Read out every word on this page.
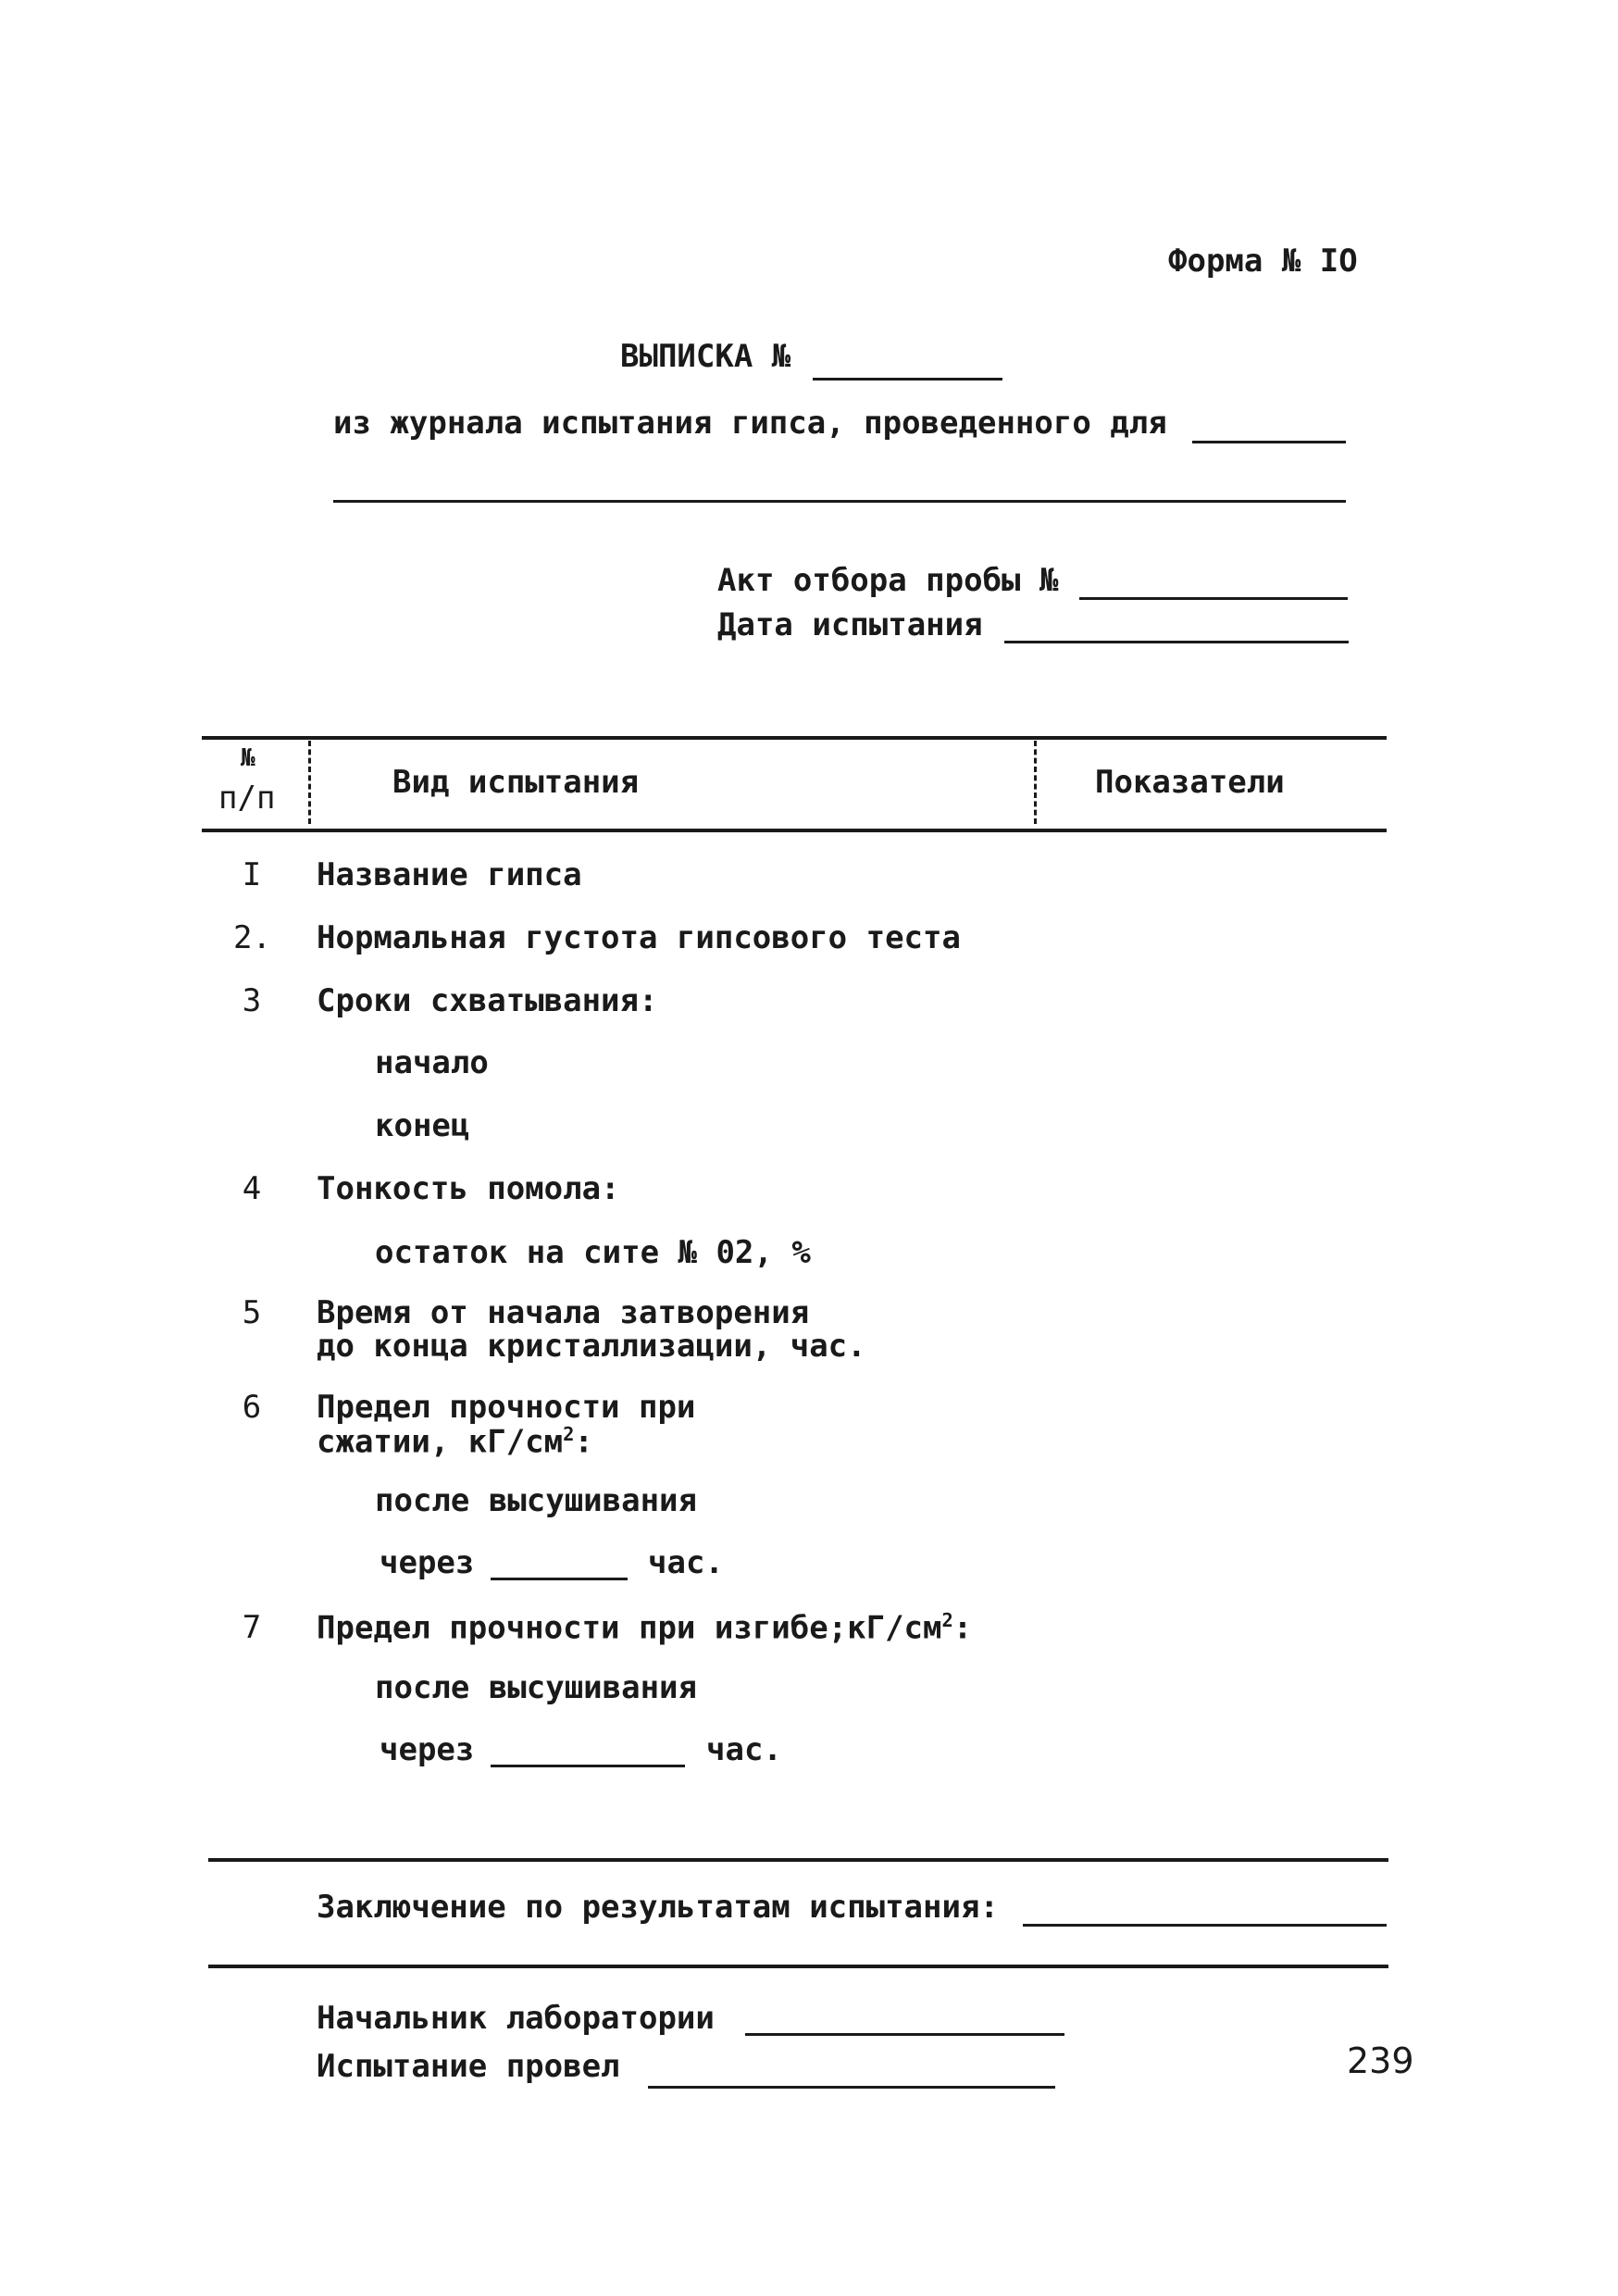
Форма № IO
ВЫПИСКА №
из журнала испытания гипса, проведенного для
Акт отбора пробы №
Дата испытания
№
п/п	Вид испытания	Показатели
I Название гипса
2. Нормальная густота гипсового теста
3 Сроки схватывания:
начало
конец
4 Тонкость помола:
остаток на сите № 02, %
5 Время от начала затворения
до конца кристаллизации, час.
6 Предел прочности при
сжатии, $кГ/см^2$:
после высушивания
через	час.
7 Предел прочности при $изгибе;кГ/см^2$:
после высушивания
через	час.
Заключение по результатам испытания:
Начальник лаборатории
Испытание провел	239
